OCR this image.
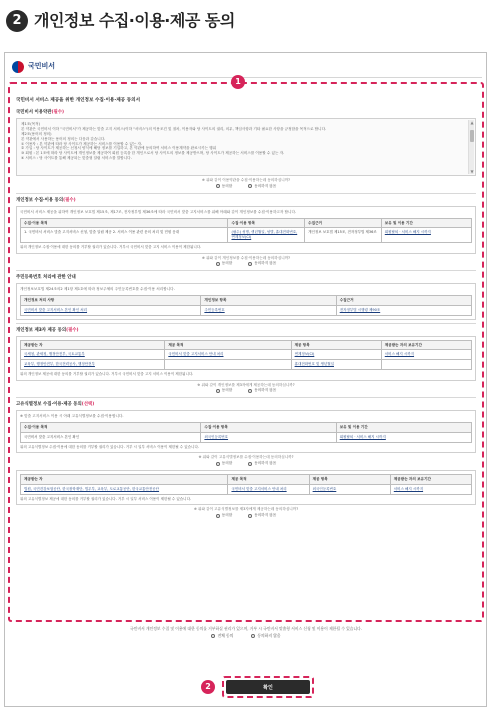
2 개인정보 수집·이용·제공 동의
국민비서
국민비서 서비스 제공을 위한 개인정보 수집·이용·제공 동의서
국민비서 이용약관(필수)

제1조(목적)

본 약관은 국민비서 이하 "국민비서"가 제공하는 맞춤 고지 서비스(이하 "서비스")의 이용조건 및 절차, 이용자와 당 사이트의 권리, 의무, 책임사항과 기타 필요한 사항을 규정함을 목적으로 합니다.

제2조(용어의 정의)

본 약관에서 사용하는 용어의 정의는 다음과 같습니다.

① 이용자 : 본 약관에 따라 당 사이트가 제공하는 서비스를 이용할 수 있는 자.

② 가입 : 당 사이트가 제공하는 신청서 양식에 해당 정보를 기입하고, 본 약관에 동의하여 서비스 이용계약을 완료시키는 행위

③ 회원 : 본 1조에 따라 당 사이트에 개인정보를 제공하여 회원 등록을 한 개인으로서 당 사이트의 정보를 제공받으며, 당 사이트가 제공하는 서비스를 이용할 수 있는 자.

④ 서비스 : 당 사이트를 통해 제공되는 맞춤형 알림 서비스를 말합니다.

▲
▼
※ 위와 같이 이용약관을 수집·이용하는데 동의하십니까?
동의함	동의하지 않음
개인정보 수집·이용 동의(필수)
국민비서 서비스 제공을 위하여 개인정보 보호법 제15조, 제17조, 전자정부법 제36조에 따라 국민비서 맞춤 고지서비스를 위해 아래와 같이 개인정보를 수집·이용하고자 합니다.
수집·이용 목적	수집·이용 항목	수집근거	보유 및 이용 기간
1. 국민비서 서비스 맞춤 고지서비스 신청, 맞춤 알림 제공 2. 서비스 이용 관련 문의 처리 및 민원 응대	(필수) 성명, 생년월일, 성별, 휴대전화번호, 연계정보(CI)	개인정보 보호법 제15조, 전자정부법 제36조	회원탈퇴 · 서비스 해지 시까지
위의 개인정보 수집·이용에 대한 동의를 거부할 권리가 있습니다. 거부시 국민비서 맞춤 고지 서비스 이용이 제한됩니다.
※ 위와 같이 개인정보를 수집·이용하는데 동의하십니까?
동의함	동의하지 않음
주민등록번호 처리에 관한 안내
개인정보보호법 제24조의2 제1항 제1호에 따라 정보주체의 주민등록번호를 수집·이용 처리합니다.
개인정보 처리 사항	개인정보 항목	수집근거
국민비서 맞춤 고지서비스 본인 확인 처리	주민등록번호	전자정부법 시행령 제90조
개인정보 제3자 제공 동의(필수)
제공받는 자	제공 목적	제공 항목	제공받는 자의 보유기간
국세청, 관세청, 행정안전부, 국토교통부	국민비서 맞춤 고지서비스 안내 처리	연계정보(CI)	서비스 해지 시까지
교육부, 행정안전부, 한국전력공사, 행정안전부		휴대전화번호 및 생년월일	
위의 개인정보 제공에 대한 동의를 거부할 권리가 있습니다. 거부시 국민비서 맞춤 고지 서비스 이용이 제한됩니다.
※ 위와 같이 개인정보를 제3자에게 제공하는데 동의하십니까?
동의함	동의하지 않음
고유식별정보 수집·이용·제공 동의(선택)
※ 맞춤 고지서비스 이용 시 아래 고유식별정보를 수집·이용합니다.
수집·이용 목적	수집·이용 항목	보유 및 이용 기간
국민비서 맞춤 고지서비스 본인 확인	외국인등록번호	회원탈퇴 · 서비스 해지 시까지
위의 고유식별정보 수집·이용에 대한 동의를 거부할 권리가 있습니다. 거부 시 일부 서비스 이용이 제한될 수 있습니다.
※ 위와 같이 고유식별정보를 수집·이용하는데 동의하십니까?
동의함	동의하지 않음
제공받는 자	제공 목적	제공 항목	제공받는 자의 보유기간
법원, 국민건강보험공단, 한국장학재단, 법무부, 교육부, 도로교통공단, 한국교통안전공단	국민비서 맞춤 고지서비스 안내 처리	외국인등록번호	서비스 해지 시까지
위의 고유식별정보 제공에 대한 동의를 거부할 권리가 있습니다. 거부 시 일부 서비스 이용이 제한될 수 있습니다.
※ 위와 같이 고유식별정보를 제3자에게 제공하는데 동의하십니까?
동의함	동의하지 않음
1
국민비서 개인정보 수집 및 이용에 대한 동의를 거부하실 권리가 있으며, 거부 시 국민비서 맞춤형 서비스 신청 및 이용이 제한될 수 있습니다.
전체 동의	동의하지 않음
확인
2
